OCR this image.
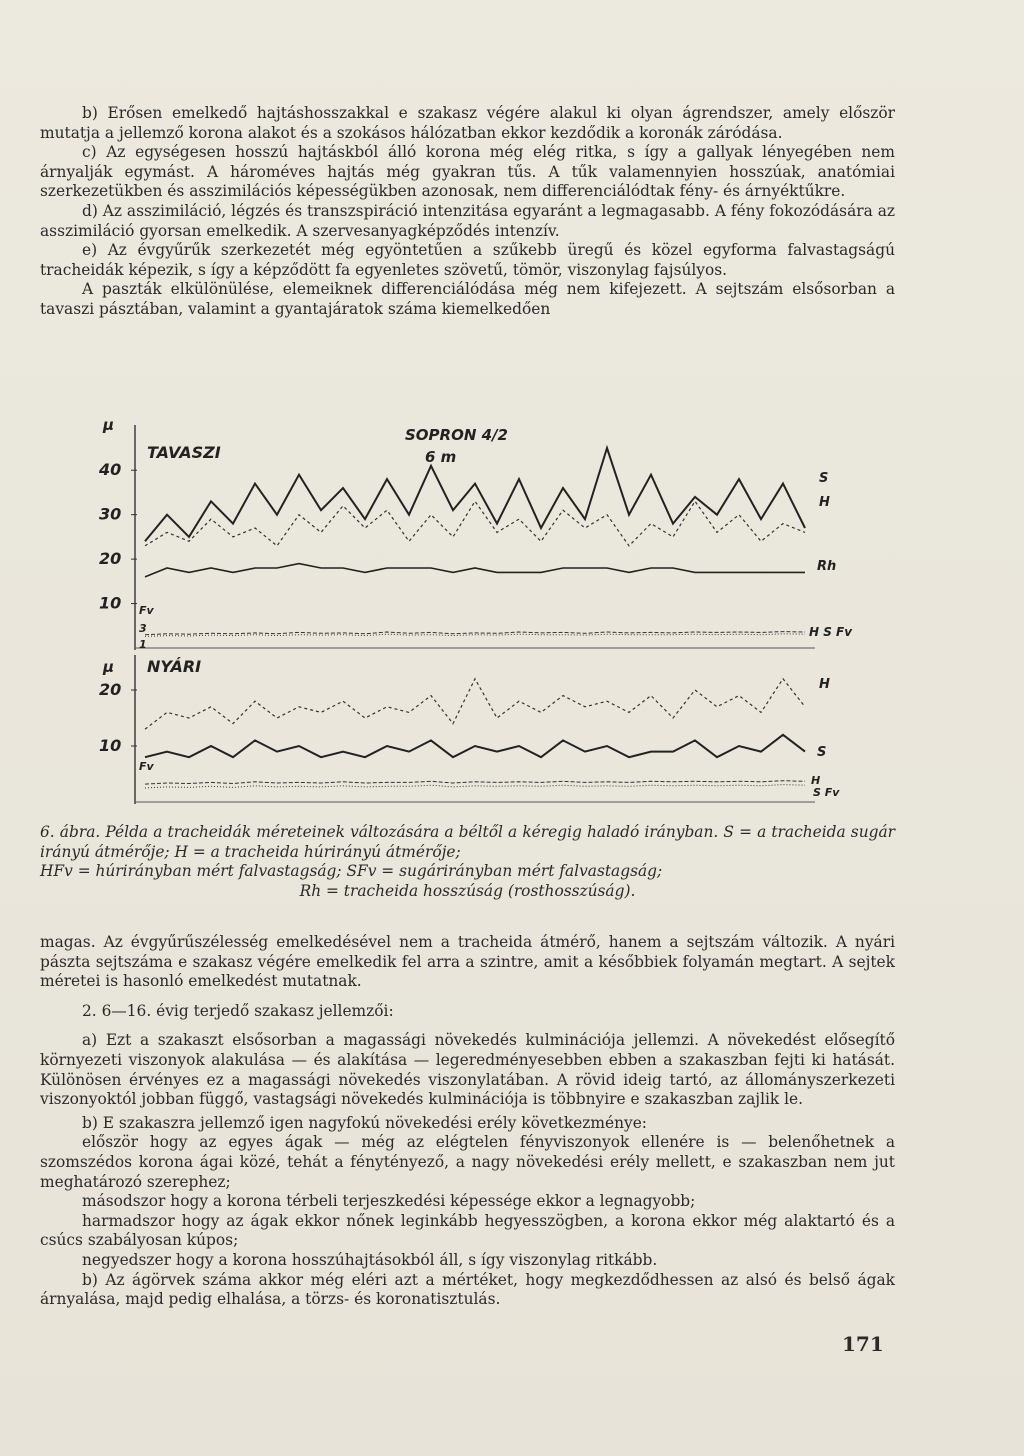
b) Erősen emelkedő hajtáshosszakkal e szakasz végére alakul ki olyan ágrendszer, amely először mutatja a jellemző korona alakot és a szokásos hálózatban ekkor kezdődik a koronák záródása.

c) Az egységesen hosszú hajtáskból álló korona még elég ritka, s így a gallyak lényegében nem árnyalják egymást. A hároméves hajtás még gyakran tűs. A tűk valamennyien hosszúak, anatómiai szerkezetükben és asszimilációs képességükben azonosak, nem differenciálódtak fény- és árnyéktűkre.

d) Az asszimiláció, légzés és transzspiráció intenzitása egyaránt a legmagasabb. A fény fokozódására az asszimiláció gyorsan emelkedik. A szervesanyagképződés intenzív.

e) Az évgyűrűk szerkezetét még egyöntetűen a szűkebb üregű és közel egyforma falvastagságú tracheidák képezik, s így a képződött fa egyenletes szövetű, tömör, viszonylag fajsúlyos.

A paszták elkülönülése, elemeiknek differenciálódása még nem kifejezett. A sejtszám elsősorban a tavaszi pásztában, valamint a gyantajáratok száma kiemelkedően

μ
40
30
20
10
TAVASZI
SOPRON 4/2
6 m
S
H
Rh
Fv
3
1
H S Fv
μ
20
10
NYÁRI
H
S
Fv
H
S Fv

6. ábra. Példa a tracheidák méreteinek változására a béltől a kéregig haladó irányban. S = a tracheida sugár irányú átmérője; H = a tracheida húrirányú átmérője;

HFv = húrirányban mért falvastagság; SFv = sugárirányban mért falvastagság;

Rh = tracheida hosszúság (rosthosszúság).

magas. Az évgyűrűszélesség emelkedésével nem a tracheida átmérő, hanem a sejtszám változik. A nyári pászta sejtszáma e szakasz végére emelkedik fel arra a szintre, amit a későbbiek folyamán megtart. A sejtek méretei is hasonló emelkedést mutatnak.

2. 6—16. évig terjedő szakasz jellemzői:

a) Ezt a szakaszt elsősorban a magassági növekedés kulminációja jellemzi. A növekedést elősegítő környezeti viszonyok alakulása — és alakítása — legeredményesebben ebben a szakaszban fejti ki hatását. Különösen érvényes ez a magassági növekedés viszonylatában. A rövid ideig tartó, az állományszerkezeti viszonyoktól jobban függő, vastagsági növekedés kulminációja is többnyire e szakaszban zajlik le.

b) E szakaszra jellemző igen nagyfokú növekedési erély következménye:

először hogy az egyes ágak — még az elégtelen fényviszonyok ellenére is — belenőhetnek a szomszédos korona ágai közé, tehát a fénytényező, a nagy növekedési erély mellett, e szakaszban nem jut meghatározó szerephez;

másodszor hogy a korona térbeli terjeszkedési képessége ekkor a legnagyobb;

harmadszor hogy az ágak ekkor nőnek leginkább hegyesszögben, a korona ekkor még alaktartó és a csúcs szabályosan kúpos;

negyedszer hogy a korona hosszúhajtásokból áll, s így viszonylag ritkább.

b) Az ágörvek száma akkor még eléri azt a mértéket, hogy megkezdődhessen az alsó és belső ágak árnyalása, majd pedig elhalása, a törzs- és koronatisztulás.

171
